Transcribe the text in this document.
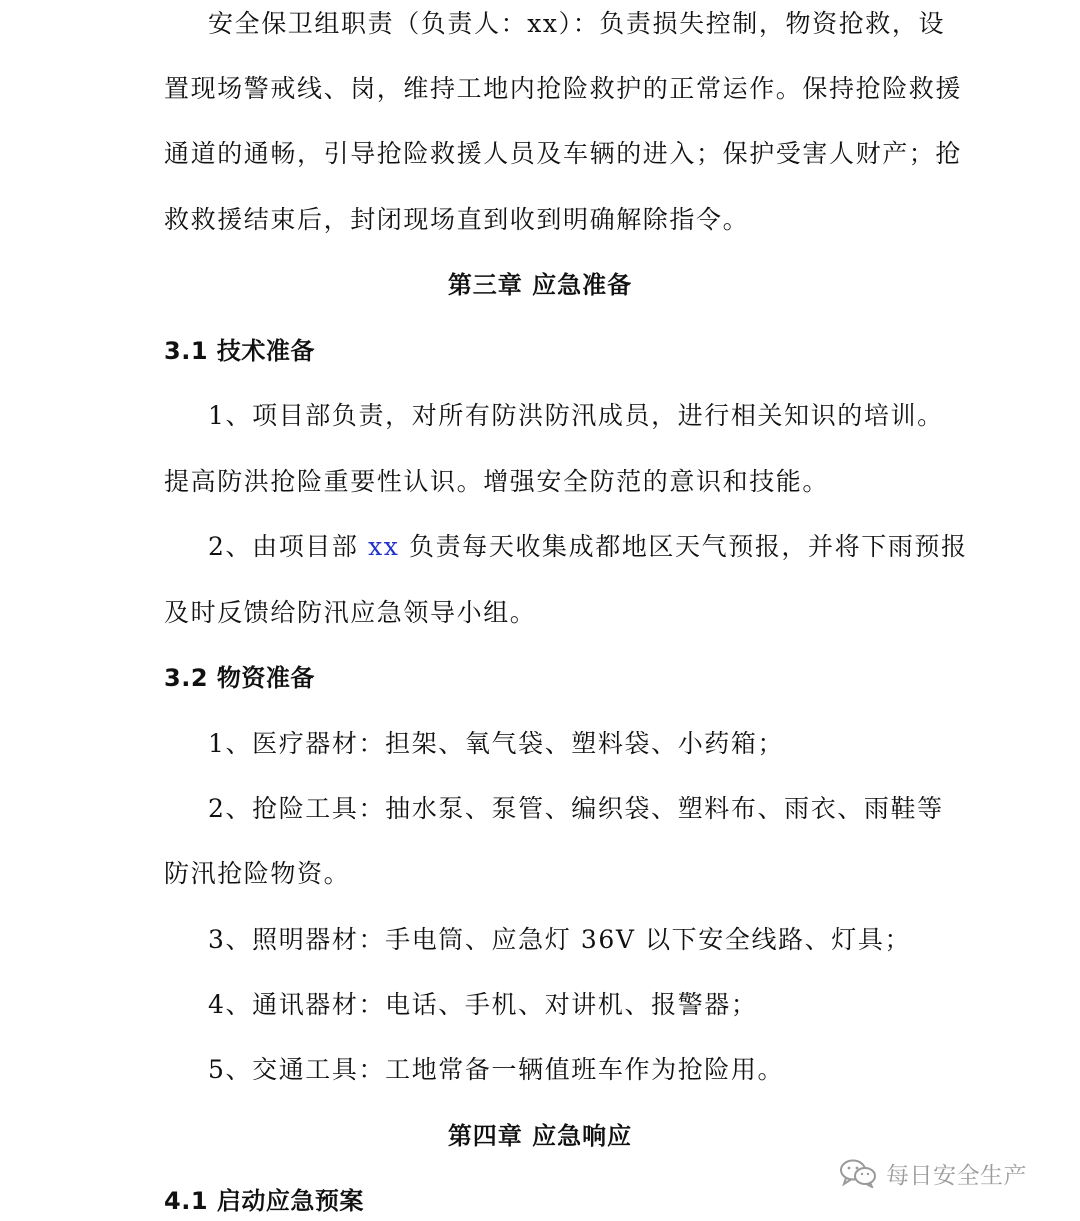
安全保卫组职责（负责人：xx）：负责损失控制，物资抢救，设
置现场警戒线、岗，维持工地内抢险救护的正常运作。保持抢险救援
通道的通畅，引导抢险救援人员及车辆的进入；保护受害人财产；抢
救救援结束后，封闭现场直到收到明确解除指令。
第三章 应急准备
3.1 技术准备
1、项目部负责，对所有防洪防汛成员，进行相关知识的培训。
提高防洪抢险重要性认识。增强安全防范的意识和技能。
2、由项目部 xx 负责每天收集成都地区天气预报，并将下雨预报
及时反馈给防汛应急领导小组。
3.2 物资准备
1、医疗器材：担架、氧气袋、塑料袋、小药箱；
2、抢险工具：抽水泵、泵管、编织袋、塑料布、雨衣、雨鞋等
防汛抢险物资。
3、照明器材：手电筒、应急灯 36V 以下安全线路、灯具；
4、通讯器材：电话、手机、对讲机、报警器；
5、交通工具：工地常备一辆值班车作为抢险用。
第四章 应急响应
4.1 启动应急预案
每日安全生产
